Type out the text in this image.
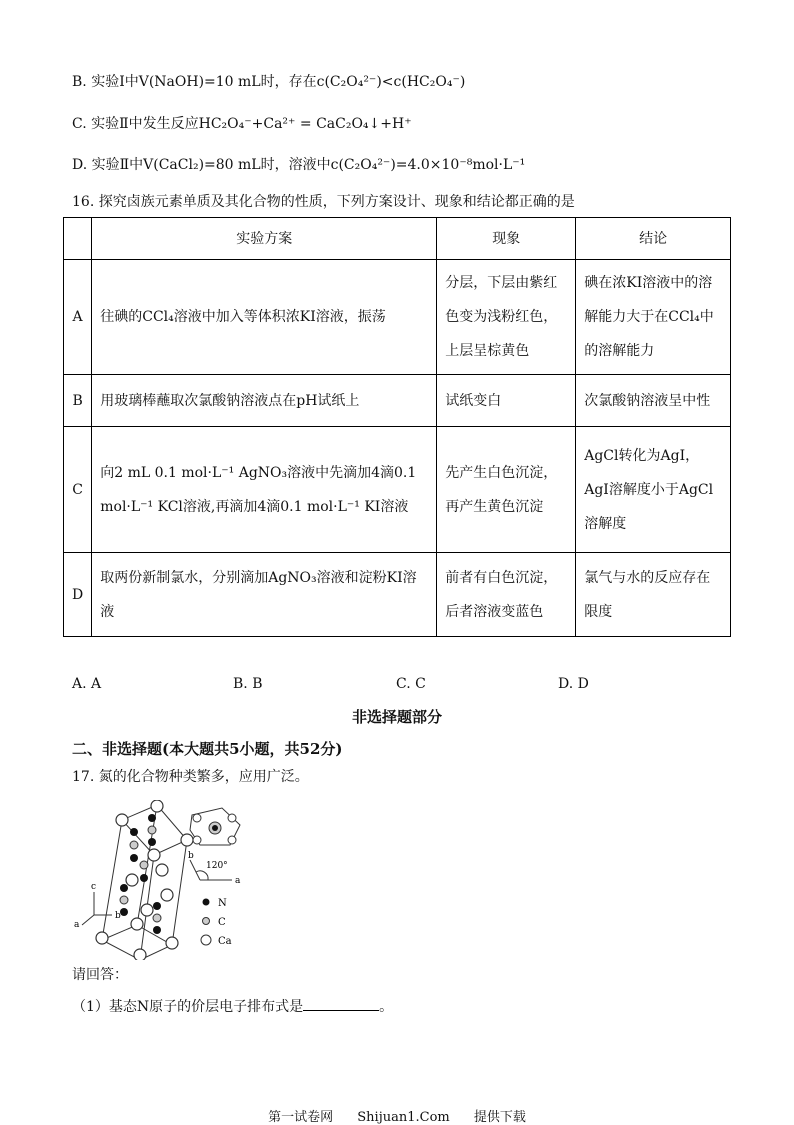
B. 实验Ⅰ中V(NaOH)=10 mL时，存在c(C₂O₄²⁻)<c(HC₂O₄⁻)
C. 实验Ⅱ中发生反应HC₂O₄⁻+Ca²⁺ = CaC₂O₄↓+H⁺
D. 实验Ⅱ中V(CaCl₂)=80 mL时，溶液中c(C₂O₄²⁻)=4.0×10⁻⁸mol·L⁻¹
16. 探究卤族元素单质及其化合物的性质，下列方案设计、现象和结论都正确的是
	实验方案	现象	结论
A	往碘的CCl₄溶液中加入等体积浓KI溶液，振荡	分层，下层由紫红色变为浅粉红色，上层呈棕黄色	碘在浓KI溶液中的溶解能力大于在CCl₄中的溶解能力
B	用玻璃棒蘸取次氯酸钠溶液点在pH试纸上	试纸变白	次氯酸钠溶液呈中性
C	向2 mL 0.1 mol·L⁻¹ AgNO₃溶液中先滴加4滴0.1 mol·L⁻¹ KCl溶液,再滴加4滴0.1 mol·L⁻¹ KI溶液	先产生白色沉淀，再产生黄色沉淀	AgCl转化为AgI，AgI溶解度小于AgCl溶解度
D	取两份新制氯水，分别滴加AgNO₃溶液和淀粉KI溶液	前者有白色沉淀，后者溶液变蓝色	氯气与水的反应存在限度
A. A	B. B	C. C	D. D
非选择题部分
二、非选择题(本大题共5小题，共52分)
17. 氮的化合物种类繁多，应用广泛。
c
b
a
b
a
120°
N
C
Ca
请回答：
（1）基态N原子的价层电子排布式是	。
第一试卷网 Shijuan1.Com 提供下载
